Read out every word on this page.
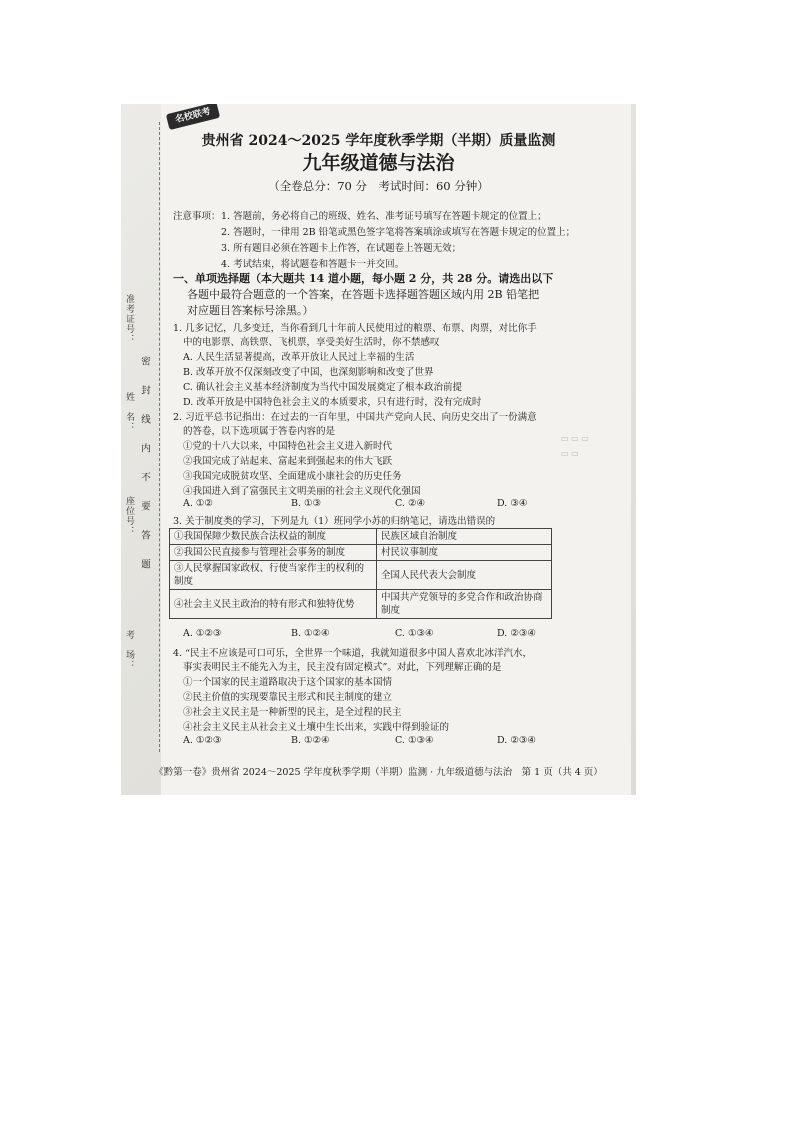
▭ ▭ ▭
▭ ▭
准考证号：
姓　名：
座位号：
考　场：
密　封　线　内　不　要　答　题
名校联考
贵州省 2024～2025 学年度秋季学期（半期）质量监测
九年级道德与法治
（全卷总分：70 分　考试时间：60 分钟）
注意事项： 1. 答题前，务必将自己的班级、姓名、准考证号填写在答题卡规定的位置上；
2. 答题时，一律用 2B 铅笔或黑色签字笔将答案填涂或填写在答题卡规定的位置上；
3. 所有题目必须在答题卡上作答，在试题卷上答题无效；
4. 考试结束，将试题卷和答题卡一并交回。
一、单项选择题（本大题共 14 道小题，每小题 2 分，共 28 分。请选出以下
各题中最符合题意的一个答案，在答题卡选择题答题区域内用 2B 铅笔把
对应题目答案标号涂黑。）
1. 几多记忆，几多变迁，当你看到几十年前人民使用过的粮票、布票、肉票，对比你手
中的电影票、高铁票、飞机票，享受美好生活时，你不禁感叹
A. 人民生活显著提高，改革开放让人民过上幸福的生活
B. 改革开放不仅深刻改变了中国，也深刻影响和改变了世界
C. 确认社会主义基本经济制度为当代中国发展奠定了根本政治前提
D. 改革开放是中国特色社会主义的本质要求，只有进行时，没有完成时
2. 习近平总书记指出：在过去的一百年里，中国共产党向人民、向历史交出了一份满意
的答卷，以下选项属于答卷内容的是
①党的十八大以来，中国特色社会主义进入新时代
②我国完成了站起来、富起来到强起来的伟大飞跃
③我国完成脱贫攻坚、全面建成小康社会的历史任务
④我国进入到了富强民主文明美丽的社会主义现代化强国
A. ①②	B. ①③	C. ②④	D. ③④
3. 关于制度类的学习，下列是九（1）班同学小苏的归纳笔记，请选出错误的
①我国保障少数民族合法权益的制度	民族区域自治制度
②我国公民直接参与管理社会事务的制度	村民议事制度
③人民掌握国家政权、行使当家作主的权利的制度	全国人民代表大会制度
④社会主义民主政治的特有形式和独特优势	中国共产党领导的多党合作和政治协商制度
A. ①②③	B. ①②④	C. ①③④	D. ②③④
4. “民主不应该是可口可乐，全世界一个味道，我就知道很多中国人喜欢北冰洋汽水，
事实表明民主不能先入为主，民主没有固定模式”。对此，下列理解正确的是
①一个国家的民主道路取决于这个国家的基本国情
②民主价值的实现要靠民主形式和民主制度的建立
③社会主义民主是一种新型的民主，是全过程的民主
④社会主义民主从社会主义土壤中生长出来，实践中得到验证的
A. ①②③	B. ①②④	C. ①③④	D. ②③④
《黔第一卷》贵州省 2024～2025 学年度秋季学期（半期）监测 · 九年级道德与法治　第 1 页（共 4 页）
